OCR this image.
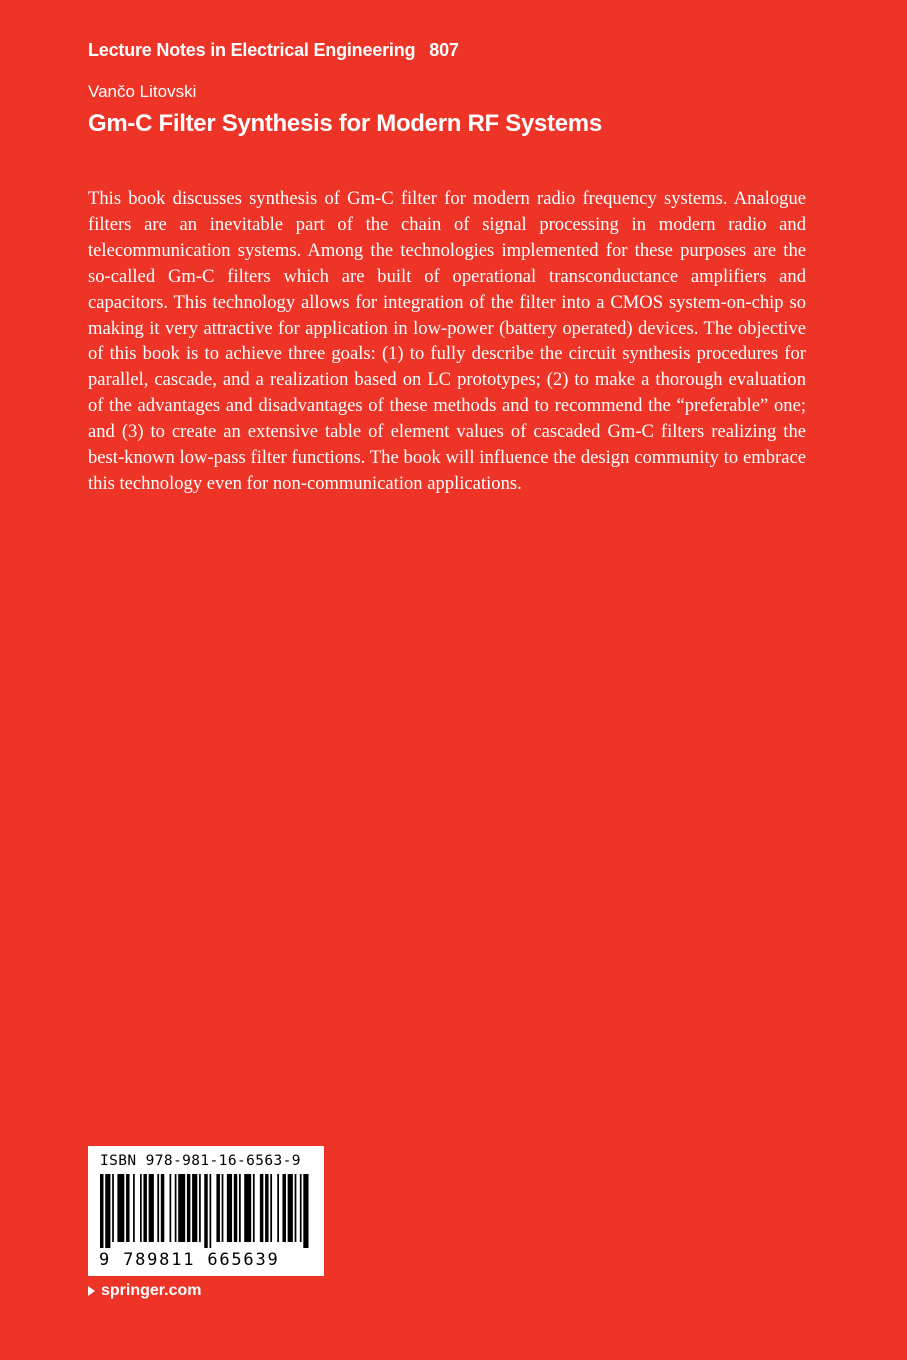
Lecture Notes in Electrical Engineering 807
Vančo Litovski
Gm-C Filter Synthesis for Modern RF Systems

This book discusses synthesis of Gm-C filter for modern radio frequency systems. Analogue filters are an inevitable part of the chain of signal processing in modern radio and telecommunication systems. Among the technologies implemented for these purposes are the so-called Gm-C filters which are built of operational transconductance amplifiers and capacitors. This technology allows for integration of the filter into a CMOS system-on-chip so making it very attractive for application in low-power (battery operated) devices. The objective of this book is to achieve three goals: (1) to fully describe the circuit synthesis procedures for parallel, cascade, and a realization based on LC prototypes; (2) to make a thorough evaluation of the advantages and disadvantages of these methods and to recommend the “preferable” one; and (3) to create an extensive table of element values of cascaded Gm-C filters realizing the best-known low-pass filter functions. The book will influence the design community to embrace this technology even for non-communication applications.

ISBN 978-981-16-6563-9
9 789811 665639
springer.com
